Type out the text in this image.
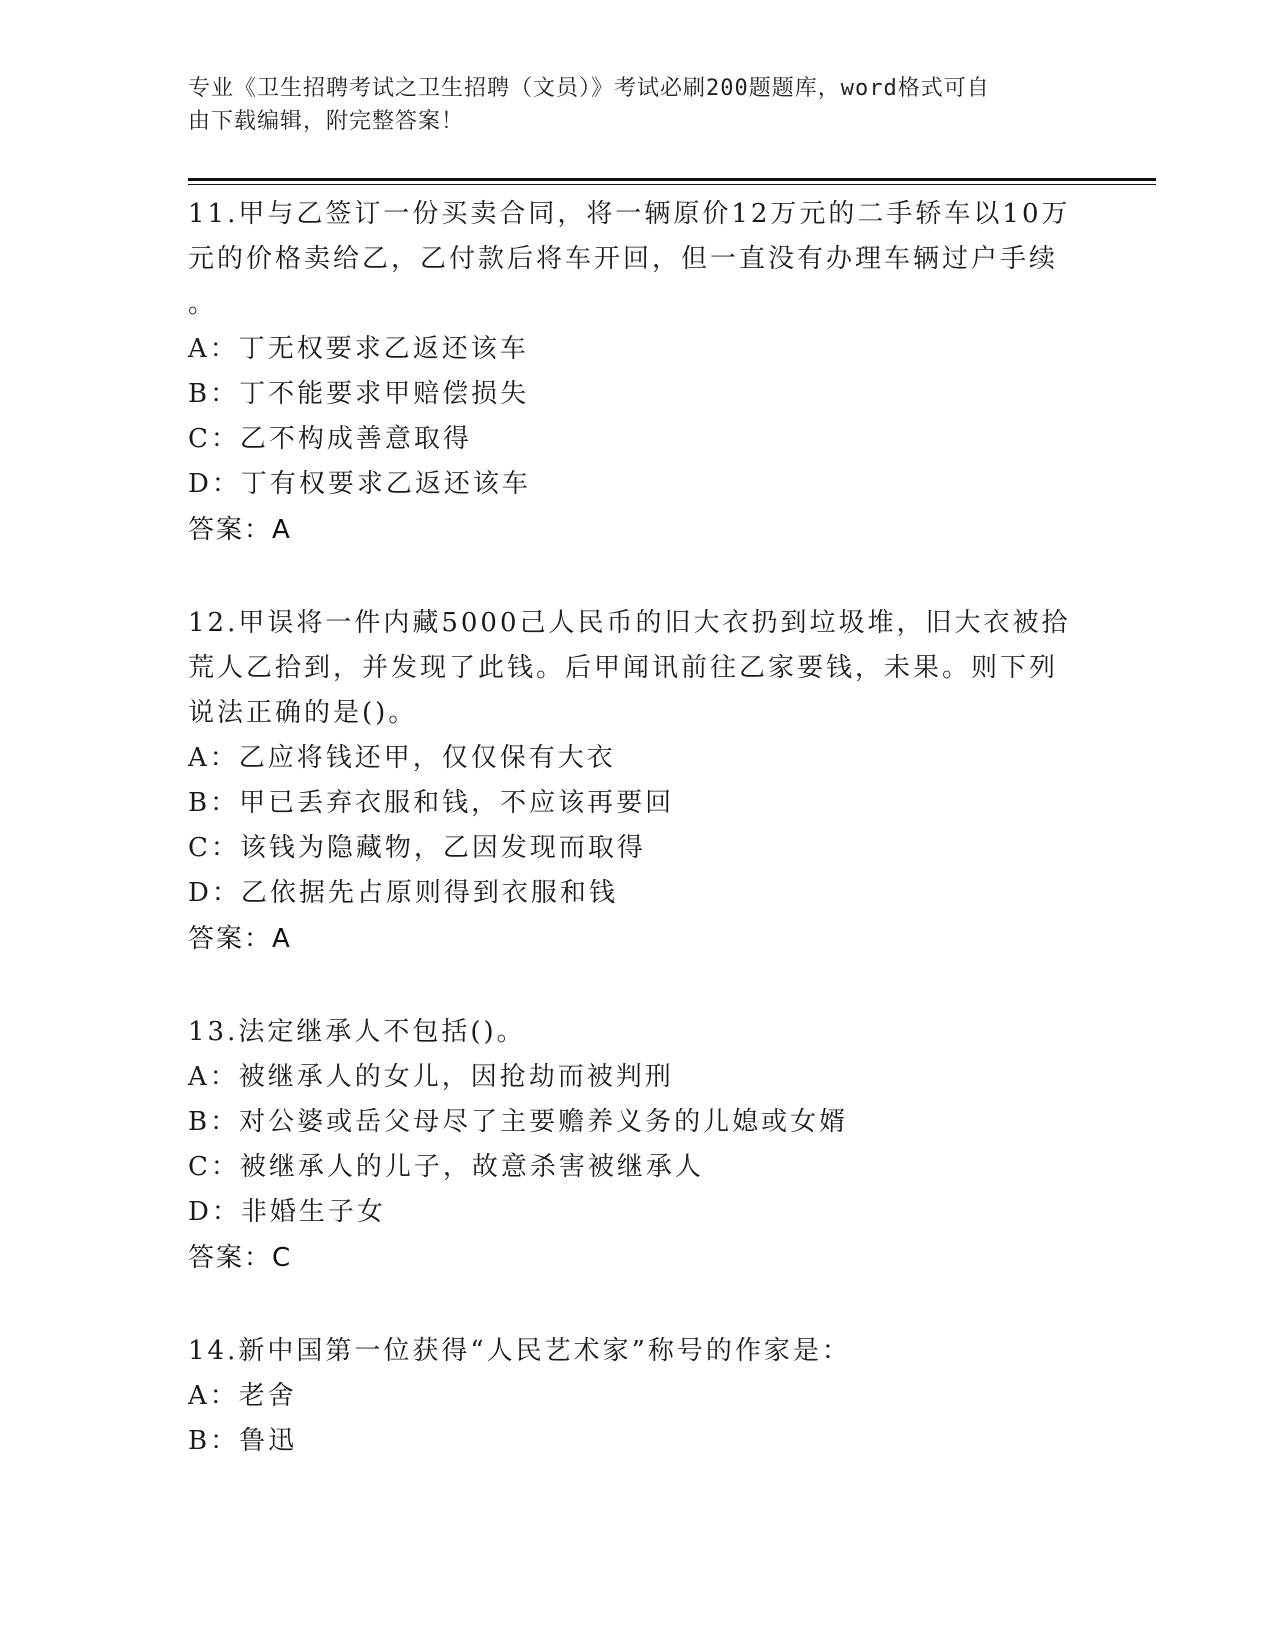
专业《卫生招聘考试之卫生招聘（文员）》考试必刷200题题库，word格式可自
由下载编辑，附完整答案！
11.甲与乙签订一份买卖合同，将一辆原价12万元的二手轿车以10万
元的价格卖给乙，乙付款后将车开回，但一直没有办理车辆过户手续
。
A：丁无权要求乙返还该车
B：丁不能要求甲赔偿损失
C：乙不构成善意取得
D：丁有权要求乙返还该车
答案：A
12.甲误将一件内藏5000己人民币的旧大衣扔到垃圾堆，旧大衣被拾
荒人乙拾到，并发现了此钱。后甲闻讯前往乙家要钱，未果。则下列
说法正确的是()。
A：乙应将钱还甲，仅仅保有大衣
B：甲已丢弃衣服和钱，不应该再要回
C：该钱为隐藏物，乙因发现而取得
D：乙依据先占原则得到衣服和钱
答案：A
13.法定继承人不包括()。
A：被继承人的女儿，因抢劫而被判刑
B：对公婆或岳父母尽了主要赡养义务的儿媳或女婿
C：被继承人的儿子，故意杀害被继承人
D：非婚生子女
答案：C
14.新中国第一位获得“人民艺术家”称号的作家是：
A：老舍
B：鲁迅
